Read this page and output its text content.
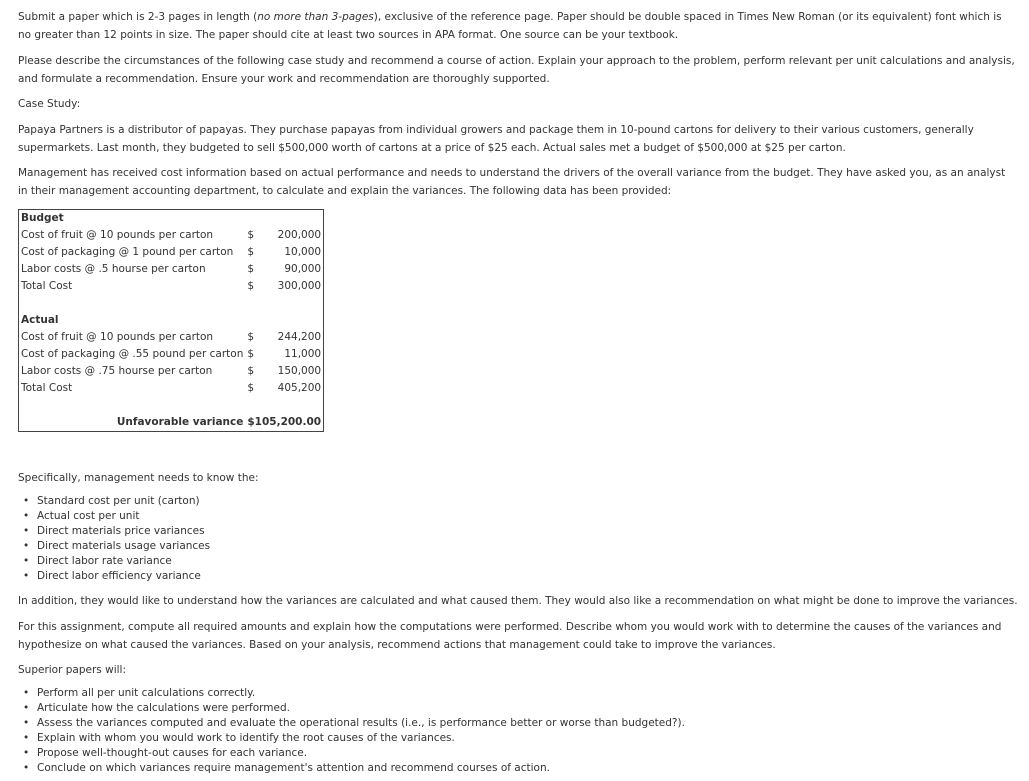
Submit a paper which is 2-3 pages in length (no more than 3-pages), exclusive of the reference page. Paper should be double spaced in Times New Roman (or its equivalent) font which is no greater than 12 points in size. The paper should cite at least two sources in APA format. One source can be your textbook.

Please describe the circumstances of the following case study and recommend a course of action. Explain your approach to the problem, perform relevant per unit calculations and analysis, and formulate a recommendation. Ensure your work and recommendation are thoroughly supported.

Case Study:

Papaya Partners is a distributor of papayas. They purchase papayas from individual growers and package them in 10-pound cartons for delivery to their various customers, generally supermarkets. Last month, they budgeted to sell $500,000 worth of cartons at a price of $25 each. Actual sales met a budget of $500,000 at $25 per carton.

Management has received cost information based on actual performance and needs to understand the drivers of the overall variance from the budget. They have asked you, as an analyst in their management accounting department, to calculate and explain the variances. The following data has been provided:

Budget		
Cost of fruit @ 10 pounds per carton	$	200,000
Cost of packaging @ 1 pound per carton	$	10,000
Labor costs @ .5 hourse per carton	$	90,000
Total Cost	$	300,000

Actual		
Cost of fruit @ 10 pounds per carton	$	244,200
Cost of packaging @ .55 pound per carton	$	11,000
Labor costs @ .75 hourse per carton	$	150,000
Total Cost	$	405,200

Unfavorable variance	$105,200.00	

Specifically, management needs to know the:

• Standard cost per unit (carton)
• Actual cost per unit
• Direct materials price variances
• Direct materials usage variances
• Direct labor rate variance
• Direct labor efficiency variance

In addition, they would like to understand how the variances are calculated and what caused them. They would also like a recommendation on what might be done to improve the variances.

For this assignment, compute all required amounts and explain how the computations were performed. Describe whom you would work with to determine the causes of the variances and hypothesize on what caused the variances. Based on your analysis, recommend actions that management could take to improve the variances.

Superior papers will:

• Perform all per unit calculations correctly.
• Articulate how the calculations were performed.
• Assess the variances computed and evaluate the operational results (i.e., is performance better or worse than budgeted?).
• Explain with whom you would work to identify the root causes of the variances.
• Propose well-thought-out causes for each variance.
• Conclude on which variances require management's attention and recommend courses of action.
